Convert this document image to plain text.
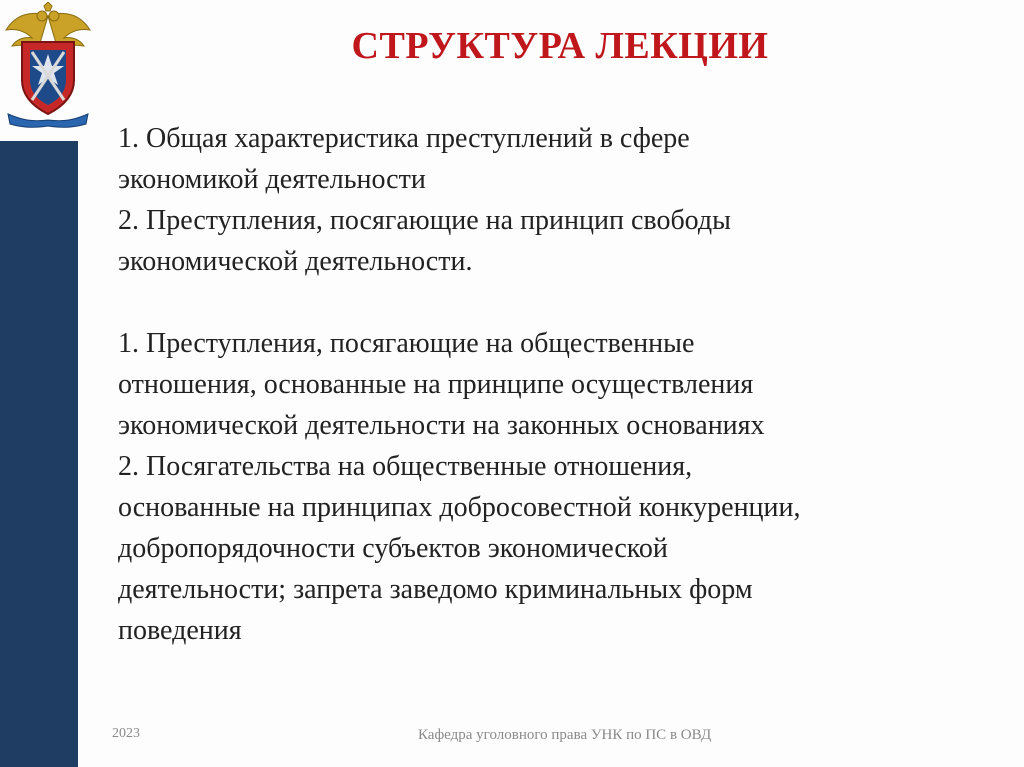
СТРУКТУРА ЛЕКЦИИ
1. Общая характеристика преступлений в сфере
экономикой деятельности
2. Преступления, посягающие на принцип свободы
экономической деятельности.
1. Преступления, посягающие на общественные
отношения, основанные на принципе осуществления
экономической деятельности на законных основаниях
2. Посягательства на общественные отношения,
основанные на принципах добросовестной конкуренции,
добропорядочности субъектов экономической
деятельности; запрета заведомо криминальных форм
поведения
2023	Кафедра уголовного права УНК по ПС в ОВД
